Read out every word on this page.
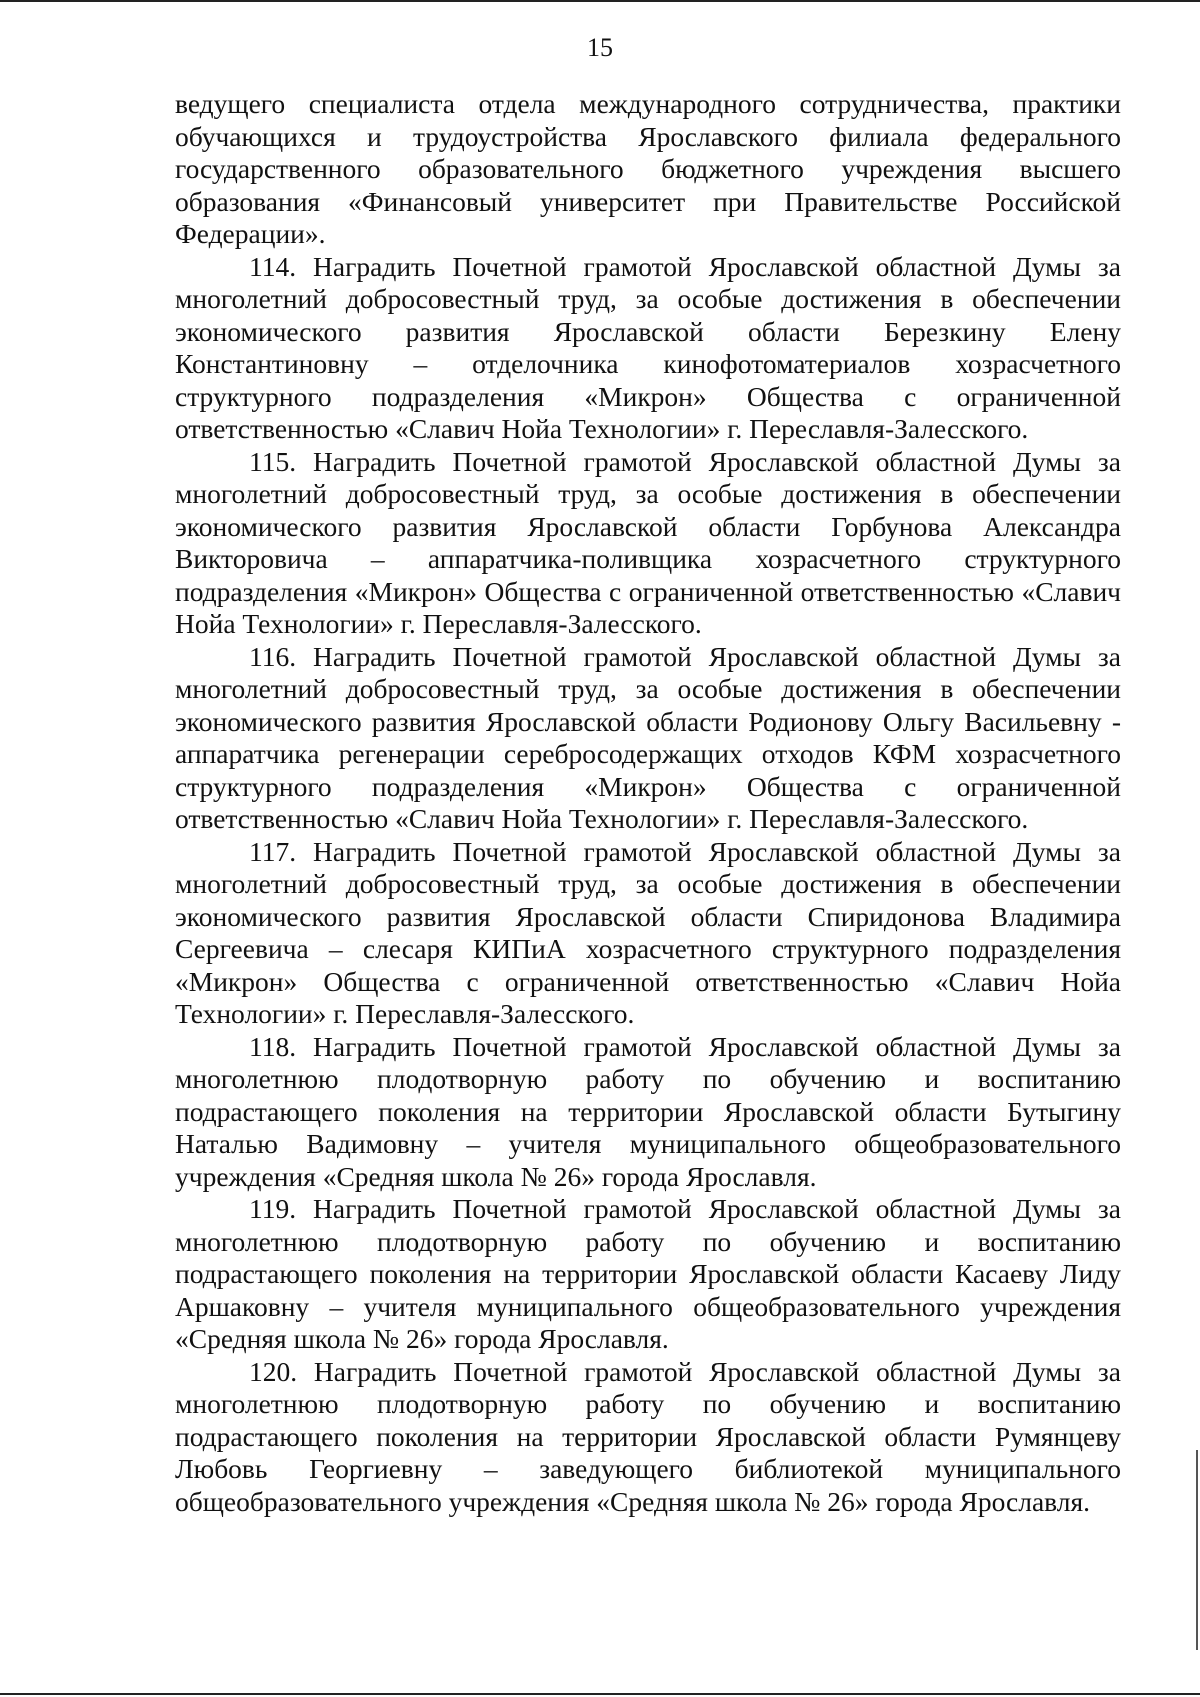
15

ведущего специалиста отдела международного сотрудничества, практики обучающихся и трудоустройства Ярославского филиала федерального государственного образовательного бюджетного учреждения высшего образования «Финансовый университет при Правительстве Российской Федерации».

114. Наградить Почетной грамотой Ярославской областной Думы за многолетний добросовестный труд, за особые достижения в обеспечении экономического развития Ярославской области Березкину Елену Константиновну – отделочника кинофотоматериалов хозрасчетного структурного подразделения «Микрон» Общества с ограниченной ответственностью «Славич Нойа Технологии» г. Переславля-Залесского.

115. Наградить Почетной грамотой Ярославской областной Думы за многолетний добросовестный труд, за особые достижения в обеспечении экономического развития Ярославской области Горбунова Александра Викторовича – аппаратчика-поливщика хозрасчетного структурного подразделения «Микрон» Общества с ограниченной ответственностью «Славич Нойа Технологии» г. Переславля-Залесского.

116. Наградить Почетной грамотой Ярославской областной Думы за многолетний добросовестный труд, за особые достижения в обеспечении экономического развития Ярославской области Родионову Ольгу Васильевну - аппаратчика регенерации серебросодержащих отходов КФМ хозрасчетного структурного подразделения «Микрон» Общества с ограниченной ответственностью «Славич Нойа Технологии» г. Переславля-Залесского.

117. Наградить Почетной грамотой Ярославской областной Думы за многолетний добросовестный труд, за особые достижения в обеспечении экономического развития Ярославской области Спиридонова Владимира Сергеевича – слесаря КИПиА хозрасчетного структурного подразделения «Микрон» Общества с ограниченной ответственностью «Славич Нойа Технологии» г. Переславля-Залесского.

118. Наградить Почетной грамотой Ярославской областной Думы за многолетнюю плодотворную работу по обучению и воспитанию подрастающего поколения на территории Ярославской области Бутыгину Наталью Вадимовну – учителя муниципального общеобразовательного учреждения «Средняя школа № 26» города Ярославля.

119. Наградить Почетной грамотой Ярославской областной Думы за многолетнюю плодотворную работу по обучению и воспитанию подрастающего поколения на территории Ярославской области Касаеву Лиду Аршаковну – учителя муниципального общеобразовательного учреждения «Средняя школа № 26» города Ярославля.

120. Наградить Почетной грамотой Ярославской областной Думы за многолетнюю плодотворную работу по обучению и воспитанию подрастающего поколения на территории Ярославской области Румянцеву Любовь Георгиевну – заведующего библиотекой муниципального общеобразовательного учреждения «Средняя школа № 26» города Ярославля.
